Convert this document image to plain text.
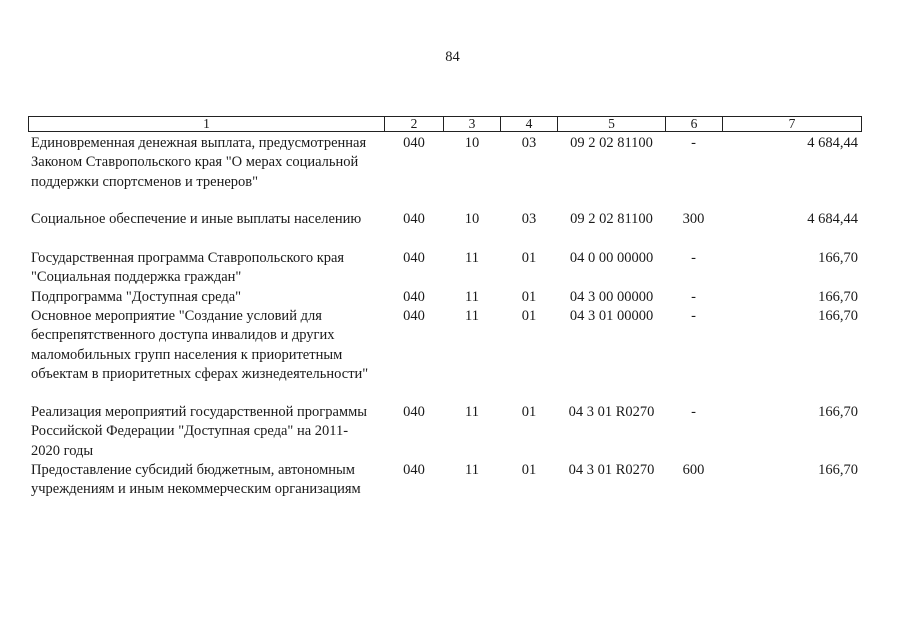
84
1	2	3	4	5	6	7
Единовременная денежная выплата, предусмотренная
Законом Ставропольского края "О мерах социальной
поддержки спортсменов и тренеров"
040	10	03	09 2 02 81100	-	4 684,44
Социальное обеспечение и иные выплаты населению	040	10	03	09 2 02 81100	300	4 684,44
Государственная программа Ставропольского края
"Социальная поддержка граждан"
040	11	01	04 0 00 00000	-	166,70
Подпрограмма "Доступная среда"	040	11	01	04 3 00 00000	-	166,70
Основное мероприятие "Создание условий для
беспрепятственного доступа инвалидов и других
маломобильных групп населения к приоритетным
объектам в приоритетных сферах жизнедеятельности"
040	11	01	04 3 01 00000	-	166,70
Реализация мероприятий государственной программы
Российской Федерации "Доступная среда" на 2011-
2020 годы
040	11	01	04 3 01 R0270	-	166,70
Предоставление субсидий бюджетным, автономным
учреждениям и иным некоммерческим организациям
040	11	01	04 3 01 R0270	600	166,70
